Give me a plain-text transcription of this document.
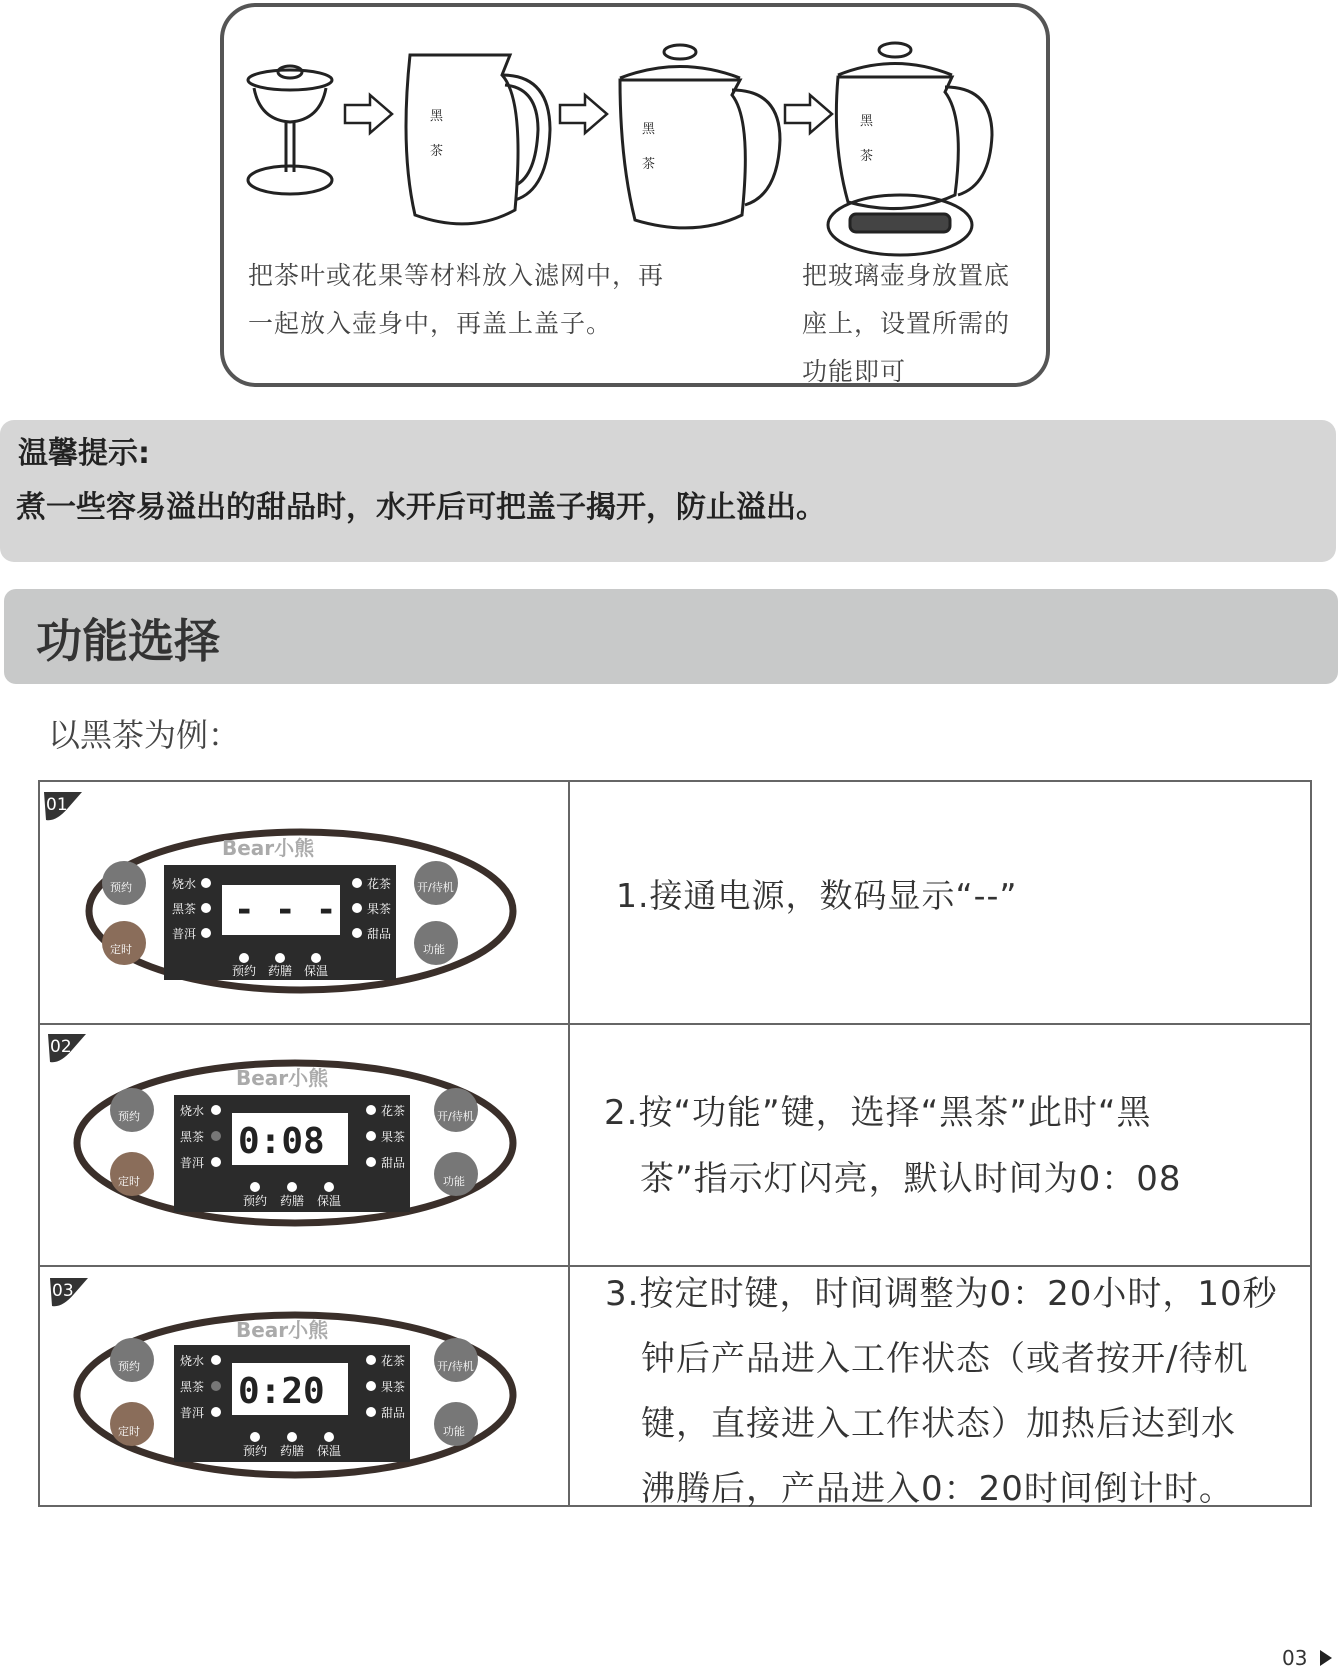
黑
茶
黑
茶
黑
茶
把茶叶或花果等材料放入滤网中，再
一起放入壶身中，再盖上盖子。
把玻璃壶身放置底
座上，设置所需的
功能即可
温馨提示:
煮一些容易溢出的甜品时，水开后可把盖子揭开，防止溢出。
功能选择
以黑茶为例：
01
02
03
Bear小熊
- - -
烧水
黑茶
普洱
花茶
果茶
甜品
预约 药膳 保温
预约
定时
开/待机
功能
Bear小熊
0:08
烧水
黑茶
普洱
花茶
果茶
甜品
预约 药膳 保温
预约
定时
开/待机
功能
Bear小熊
0:20
烧水
黑茶
普洱
花茶
果茶
甜品
预约 药膳 保温
预约
定时
开/待机
功能
1.接通电源，数码显示“--”
2.按“功能”键，选择“黑茶”此时“黑
茶”指示灯闪亮，默认时间为0：08
3.按定时键，时间调整为0：20小时，10秒
钟后产品进入工作状态（或者按开/待机
键，直接进入工作状态）加热后达到水
沸腾后，产品进入0：20时间倒计时。
03
